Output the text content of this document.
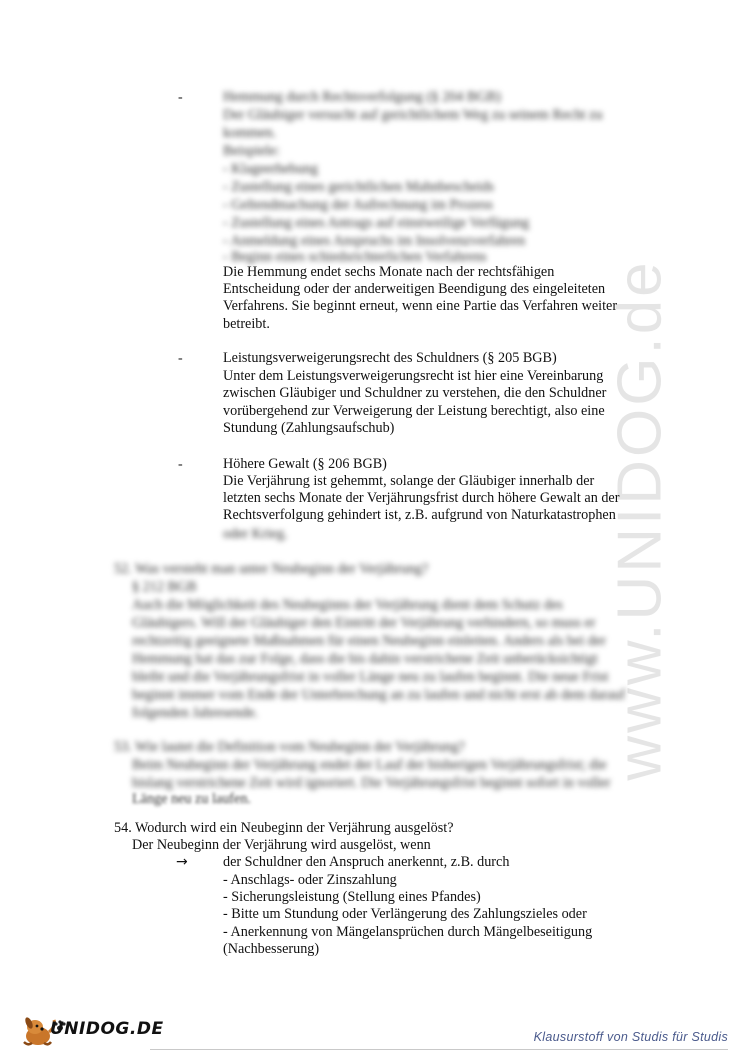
www.UNIDOG.de
-	Hemmung durch Rechtsverfolgung (§ 204 BGB)
Der Gläubiger versucht auf gerichtlichem Weg zu seinem Recht zu
kommen.
Beispiele:
- Klageerhebung
- Zustellung eines gerichtlichen Mahnbescheids
- Geltendmachung der Aufrechnung im Prozess
- Zustellung eines Antrags auf einstweilige Verfügung
- Anmeldung eines Anspruchs im Insolvenzverfahren
- Beginn eines schiedsrichterlichen Verfahrens
Die Hemmung endet sechs Monate nach der rechtsfähigen
Entscheidung oder der anderweitigen Beendigung des eingeleiteten
Verfahrens. Sie beginnt erneut, wenn eine Partie das Verfahren weiter
betreibt.
-	Leistungsverweigerungsrecht des Schuldners (§ 205 BGB)
Unter dem Leistungsverweigerungsrecht ist hier eine Vereinbarung
zwischen Gläubiger und Schuldner zu verstehen, die den Schuldner
vorübergehend zur Verweigerung der Leistung berechtigt, also eine
Stundung (Zahlungsaufschub)
-	Höhere Gewalt (§ 206 BGB)
Die Verjährung ist gehemmt, solange der Gläubiger innerhalb der
letzten sechs Monate der Verjährungsfrist durch höhere Gewalt an der
Rechtsverfolgung gehindert ist, z.B. aufgrund von Naturkatastrophen
oder Krieg.
52. Was versteht man unter Neubeginn der Verjährung?
§ 212 BGB
Auch die Möglichkeit des Neubeginns der Verjährung dient dem Schutz des
Gläubigers. Will der Gläubiger den Eintritt der Verjährung verhindern, so muss er
rechtzeitig geeignete Maßnahmen für einen Neubeginn einleiten. Anders als bei der
Hemmung hat das zur Folge, dass die bis dahin verstrichene Zeit unberücksichtigt
bleibt und die Verjährungsfrist in voller Länge neu zu laufen beginnt. Die neue Frist
beginnt immer vom Ende der Unterbrechung an zu laufen und nicht erst ab dem darauf
folgenden Jahresende.
53. Wie lautet die Definition vom Neubeginn der Verjährung?
Beim Neubeginn der Verjährung endet der Lauf der bisherigen Verjährungsfrist; die
bislang verstrichene Zeit wird ignoriert. Die Verjährungsfrist beginnt sofort in voller
Länge neu zu laufen.
54. Wodurch wird ein Neubeginn der Verjährung ausgelöst?
Der Neubeginn der Verjährung wird ausgelöst, wenn
→ der Schuldner den Anspruch anerkennt, z.B. durch
- Anschlags- oder Zinszahlung
- Sicherungsleistung (Stellung eines Pfandes)
- Bitte um Stundung oder Verlängerung des Zahlungszieles oder
- Anerkennung von Mängelansprüchen durch Mängelbeseitigung
(Nachbesserung)
UNIDOG.DE	Klausurstoff von Studis für Studis
